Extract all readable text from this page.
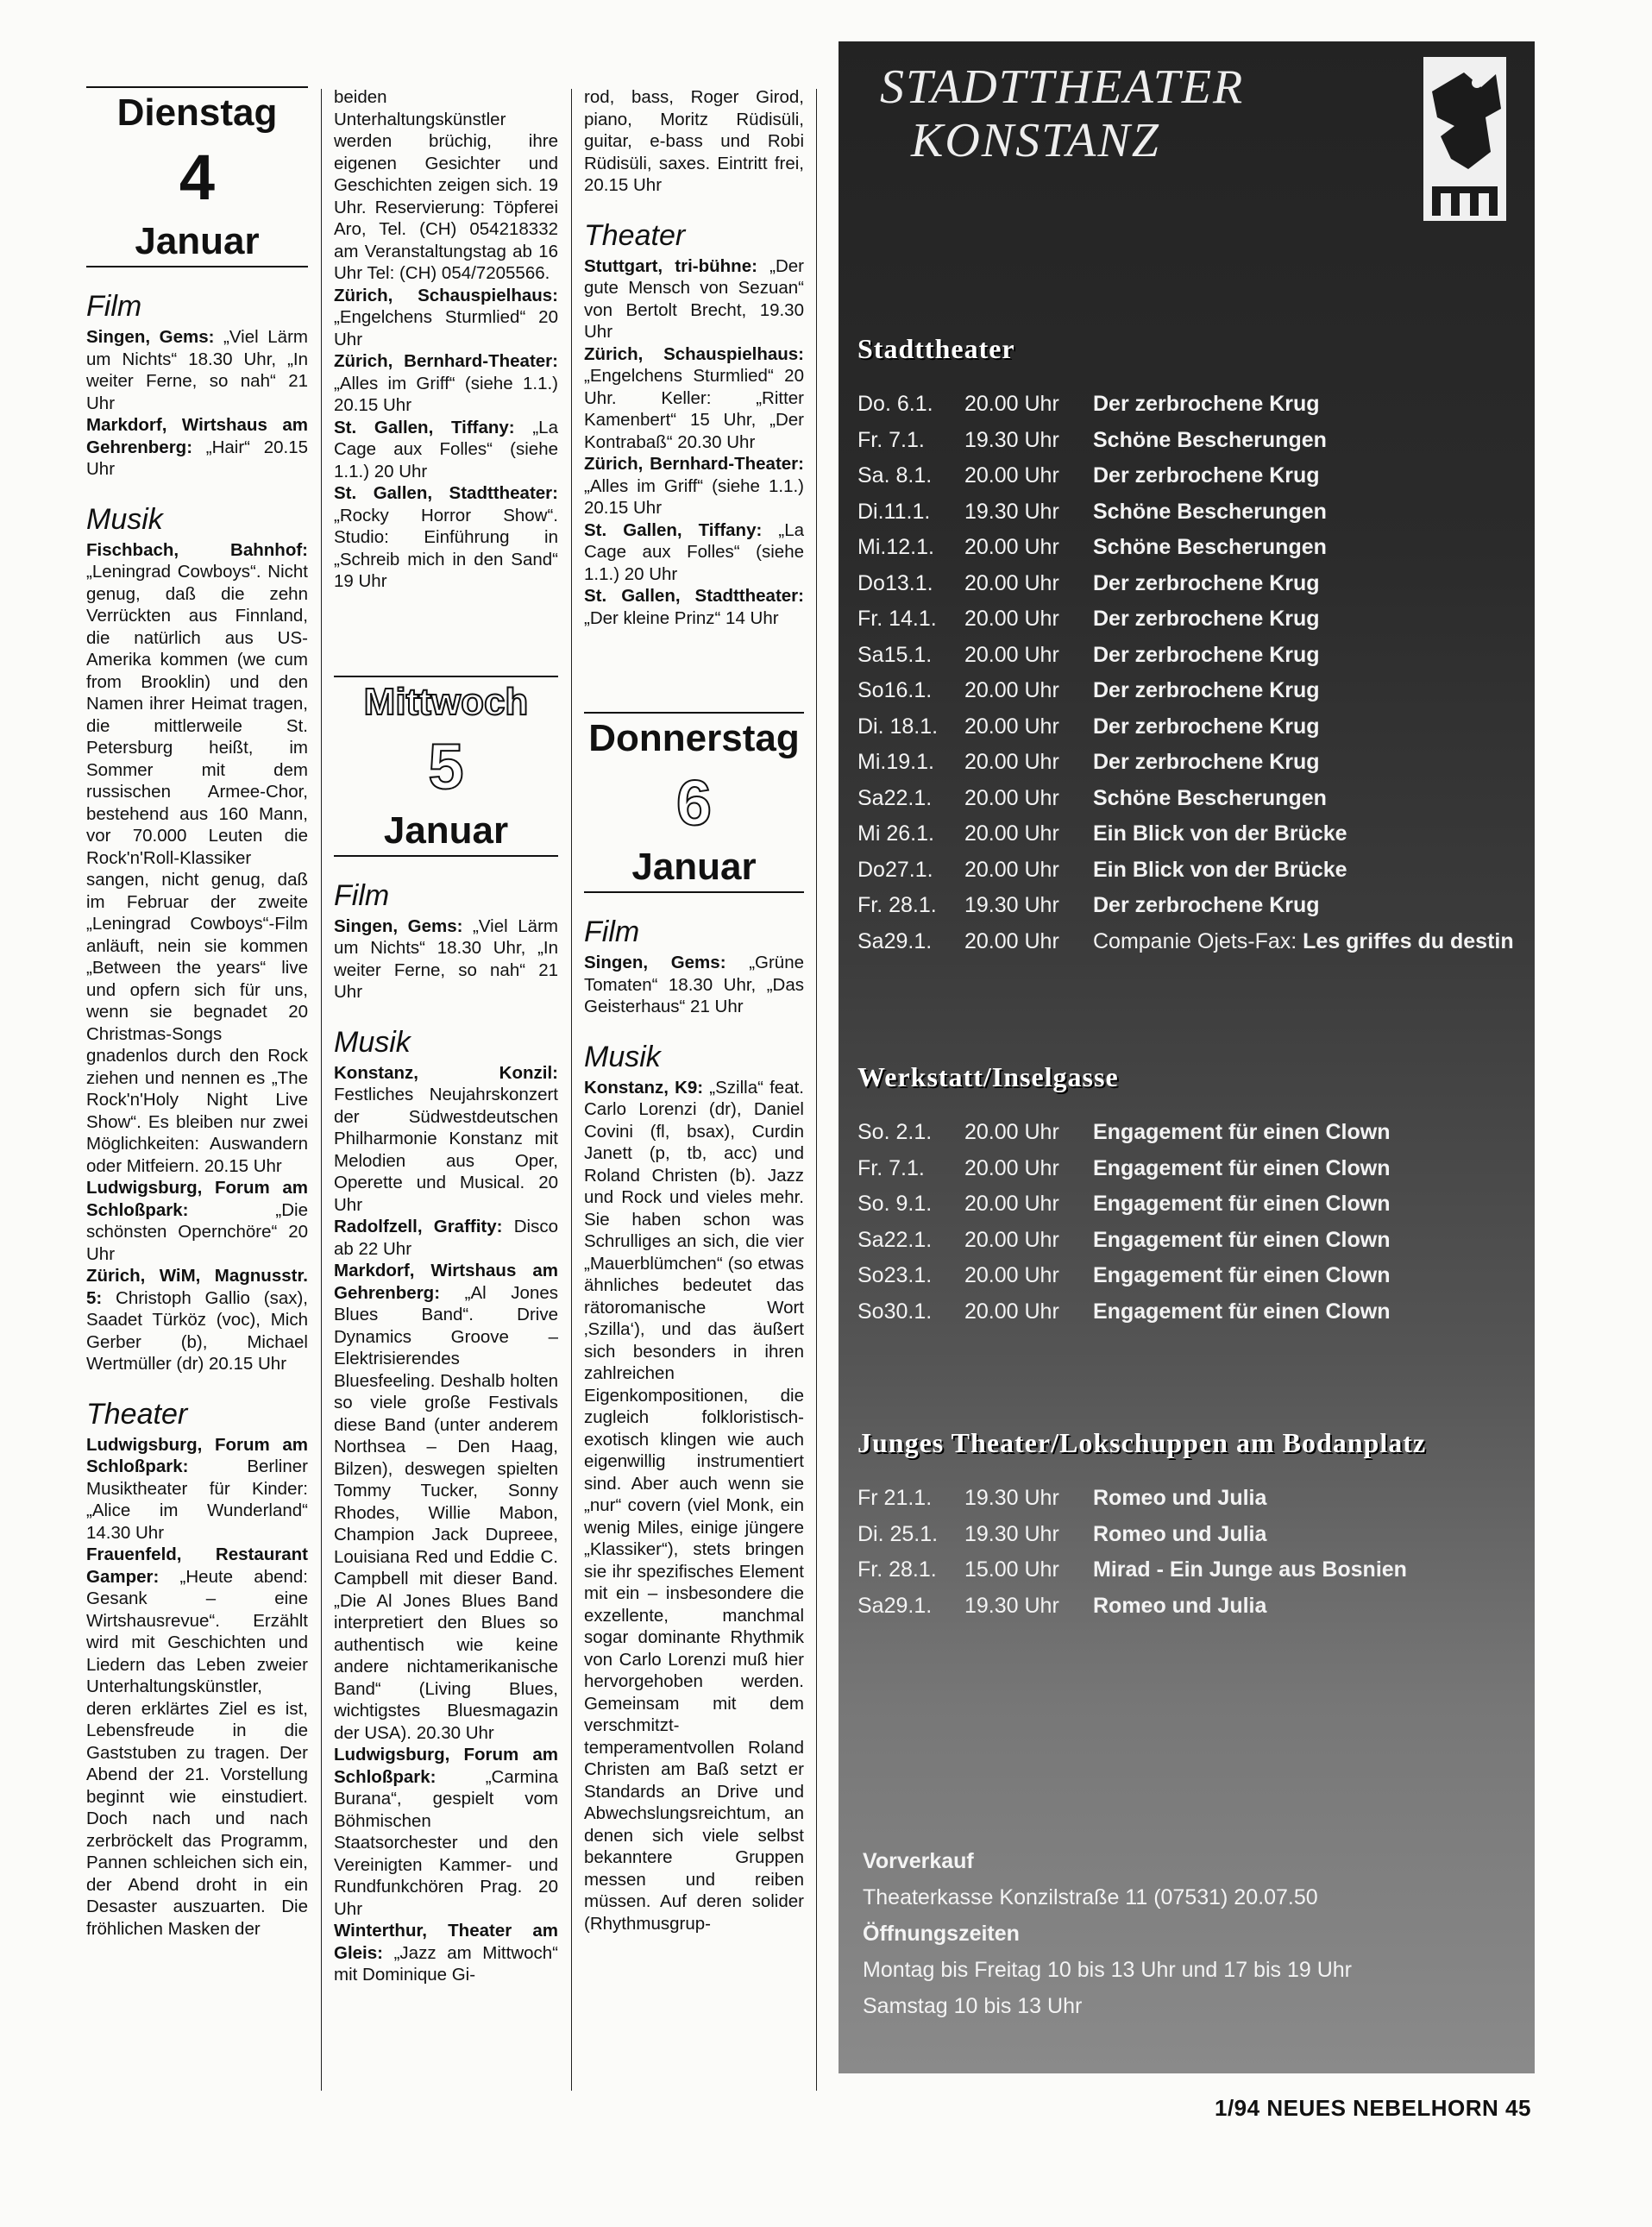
Dienstag
4
Januar
Film

Singen, Gems: „Viel Lärm um Nichts“ 18.30 Uhr, „In weiter Ferne, so nah“ 21 Uhr

Markdorf, Wirtshaus am Gehrenberg: „Hair“ 20.15 Uhr

Musik

Fischbach, Bahnhof: „Leningrad Cowboys“. Nicht genug, daß die zehn Verrückten aus Finnland, die natürlich aus US-Amerika kommen (we cum from Brooklin) und den Namen ihrer Heimat tragen, die mittlerweile St. Petersburg heißt, im Sommer mit dem russischen Armee-Chor, bestehend aus 160 Mann, vor 70.000 Leuten die Rock'n'Roll-Klassiker sangen, nicht genug, daß im Februar der zweite „Leningrad Cowboys“-Film anläuft, nein sie kommen „Between the years“ live und opfern sich für uns, wenn sie begnadet 20 Christmas-Songs gnadenlos durch den Rock ziehen und nennen es „The Rock'n'Holy Night Live Show“. Es bleiben nur zwei Möglichkeiten: Auswandern oder Mitfeiern. 20.15 Uhr

Ludwigsburg, Forum am Schloßpark: „Die schönsten Opernchöre“ 20 Uhr

Zürich, WiM, Magnusstr. 5: Christoph Gallio (sax), Saadet Türköz (voc), Mich Gerber (b), Michael Wertmüller (dr) 20.15 Uhr

Theater

Ludwigsburg, Forum am Schloßpark: Berliner Musiktheater für Kinder: „Alice im Wunderland“ 14.30 Uhr

Frauenfeld, Restaurant Gamper: „Heute abend: Gesank – eine Wirtshausrevue“. Erzählt wird mit Geschichten und Liedern das Leben zweier Unterhaltungskünstler, deren erklärtes Ziel es ist, Lebensfreude in die Gaststuben zu tragen. Der Abend der 21. Vorstellung beginnt wie einstudiert. Doch nach und nach zerbröckelt das Programm, Pannen schleichen sich ein, der Abend droht in ein Desaster auszuarten. Die fröhlichen Masken der

beiden Unterhaltungskünstler werden brüchig, ihre eigenen Gesichter und Geschichten zeigen sich. 19 Uhr. Reservierung: Töpferei Aro, Tel. (CH) 054218332 am Veranstaltungstag ab 16 Uhr Tel: (CH) 054/7205566.

Zürich, Schauspielhaus: „Engelchens Sturmlied“ 20 Uhr

Zürich, Bernhard-Theater: „Alles im Griff“ (siehe 1.1.) 20.15 Uhr

St. Gallen, Tiffany: „La Cage aux Folles“ (siehe 1.1.) 20 Uhr

St. Gallen, Stadttheater: „Rocky Horror Show“. Studio: Einführung in „Schreib mich in den Sand“ 19 Uhr

Mittwoch
5
Januar
Film

Singen, Gems: „Viel Lärm um Nichts“ 18.30 Uhr, „In weiter Ferne, so nah“ 21 Uhr

Musik

Konstanz, Konzil: Festliches Neujahrskonzert der Südwestdeutschen Philharmonie Konstanz mit Melodien aus Oper, Operette und Musical. 20 Uhr

Radolfzell, Graffity: Disco ab 22 Uhr

Markdorf, Wirtshaus am Gehrenberg: „Al Jones Blues Band“. Drive Dynamics Groove – Elektrisierendes Bluesfeeling. Deshalb holten so viele große Festivals diese Band (unter anderem Northsea – Den Haag, Bilzen), deswegen spielten Tommy Tucker, Sonny Rhodes, Willie Mabon, Champion Jack Dupreee, Louisiana Red und Eddie C. Campbell mit dieser Band. „Die Al Jones Blues Band interpretiert den Blues so authentisch wie keine andere nichtamerikanische Band“ (Living Blues, wichtigstes Bluesmagazin der USA). 20.30 Uhr

Ludwigsburg, Forum am Schloßpark: „Carmina Burana“, gespielt vom Böhmischen Staatsorchester und den Vereinigten Kammer- und Rundfunkchören Prag. 20 Uhr

Winterthur, Theater am Gleis: „Jazz am Mittwoch“ mit Dominique Gi-

rod, bass, Roger Girod, piano, Moritz Rüdisüli, guitar, e-bass und Robi Rüdisüli, saxes. Eintritt frei, 20.15 Uhr

Theater

Stuttgart, tri-bühne: „Der gute Mensch von Sezuan“ von Bertolt Brecht, 19.30 Uhr

Zürich, Schauspielhaus: „Engelchens Sturmlied“ 20 Uhr. Keller: „Ritter Kamenbert“ 15 Uhr, „Der Kontrabaß“ 20.30 Uhr

Zürich, Bernhard-Theater: „Alles im Griff“ (siehe 1.1.) 20.15 Uhr

St. Gallen, Tiffany: „La Cage aux Folles“ (siehe 1.1.) 20 Uhr

St. Gallen, Stadttheater: „Der kleine Prinz“ 14 Uhr

Donnerstag
6
Januar
Film

Singen, Gems: „Grüne Tomaten“ 18.30 Uhr, „Das Geisterhaus“ 21 Uhr

Musik

Konstanz, K9: „Szilla“ feat. Carlo Lorenzi (dr), Daniel Covini (fl, bsax), Curdin Janett (p, tb, acc) und Roland Christen (b). Jazz und Rock und vieles mehr. Sie haben schon was Schrulliges an sich, die vier „Mauerblümchen“ (so etwas ähnliches bedeutet das rätoromanische Wort ‚Szilla‘), und das äußert sich besonders in ihren zahlreichen Eigenkompositionen, die zugleich folkloristisch-exotisch klingen wie auch eigenwillig instrumentiert sind. Aber auch wenn sie „nur“ covern (viel Monk, ein wenig Miles, einige jüngere „Klassiker“), stets bringen sie ihr spezifisches Element mit ein – insbesondere die exzellente, manchmal sogar dominante Rhythmik von Carlo Lorenzi muß hier hervorgehoben werden. Gemeinsam mit dem verschmitzt-temperamentvollen Roland Christen am Baß setzt er Standards an Drive und Abwechslungsreichtum, an denen sich viele selbst bekanntere Gruppen messen und reiben müssen. Auf deren solider (Rhythmusgrup-

STADTTHEATER
KONSTANZ
Stadttheater
Do. 6.1.	20.00 Uhr	Der zerbrochene Krug
Fr. 7.1.	19.30 Uhr	Schöne Bescherungen
Sa. 8.1.	20.00 Uhr	Der zerbrochene Krug
Di.11.1.	19.30 Uhr	Schöne Bescherungen
Mi.12.1.	20.00 Uhr	Schöne Bescherungen
Do13.1.	20.00 Uhr	Der zerbrochene Krug
Fr. 14.1.	20.00 Uhr	Der zerbrochene Krug
Sa15.1.	20.00 Uhr	Der zerbrochene Krug
So16.1.	20.00 Uhr	Der zerbrochene Krug
Di. 18.1.	20.00 Uhr	Der zerbrochene Krug
Mi.19.1.	20.00 Uhr	Der zerbrochene Krug
Sa22.1.	20.00 Uhr	Schöne Bescherungen
Mi 26.1.	20.00 Uhr	Ein Blick von der Brücke
Do27.1.	20.00 Uhr	Ein Blick von der Brücke
Fr. 28.1.	19.30 Uhr	Der zerbrochene Krug
Sa29.1.	20.00 Uhr	Companie Ojets-Fax: Les griffes du destin
Werkstatt/Inselgasse
So. 2.1.	20.00 Uhr	Engagement für einen Clown
Fr. 7.1.	20.00 Uhr	Engagement für einen Clown
So. 9.1.	20.00 Uhr	Engagement für einen Clown
Sa22.1.	20.00 Uhr	Engagement für einen Clown
So23.1.	20.00 Uhr	Engagement für einen Clown
So30.1.	20.00 Uhr	Engagement für einen Clown
Junges Theater/Lokschuppen am Bodanplatz
Fr 21.1.	19.30 Uhr	Romeo und Julia
Di. 25.1.	19.30 Uhr	Romeo und Julia
Fr. 28.1.	15.00 Uhr	Mirad - Ein Junge aus Bosnien
Sa29.1.	19.30 Uhr	Romeo und Julia
Vorverkauf
Theaterkasse Konzilstraße 11 (07531) 20.07.50
Öffnungszeiten
Montag bis Freitag 10 bis 13 Uhr und 17 bis 19 Uhr
Samstag 10 bis 13 Uhr
1/94 NEUES NEBELHORN 45
